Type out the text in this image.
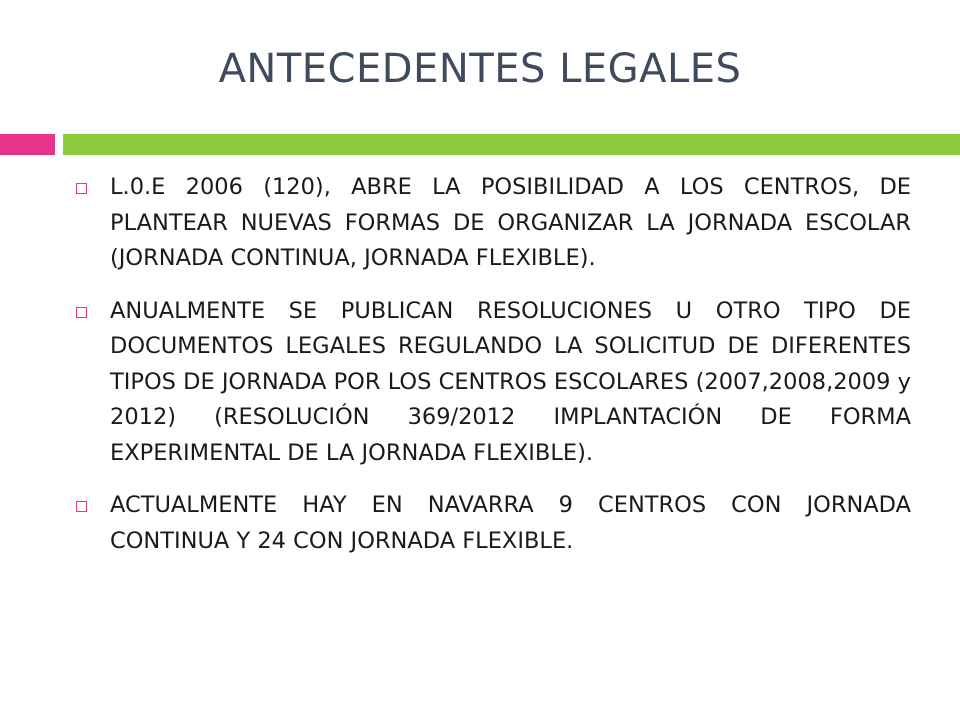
ANTECEDENTES LEGALES
L.0.E 2006 (120), ABRE LA POSIBILIDAD A LOS CENTROS, DE PLANTEAR NUEVAS FORMAS DE ORGANIZAR LA JORNADA ESCOLAR (JORNADA CONTINUA, JORNADA FLEXIBLE).
ANUALMENTE SE PUBLICAN RESOLUCIONES U OTRO TIPO DE DOCUMENTOS LEGALES REGULANDO LA SOLICITUD DE DIFERENTES TIPOS DE JORNADA POR LOS CENTROS ESCOLARES (2007,2008,2009 y 2012) (RESOLUCIÓN 369/2012 IMPLANTACIÓN DE FORMA EXPERIMENTAL DE LA JORNADA FLEXIBLE).
ACTUALMENTE HAY EN NAVARRA 9 CENTROS CON JORNADA CONTINUA Y 24 CON JORNADA FLEXIBLE.
